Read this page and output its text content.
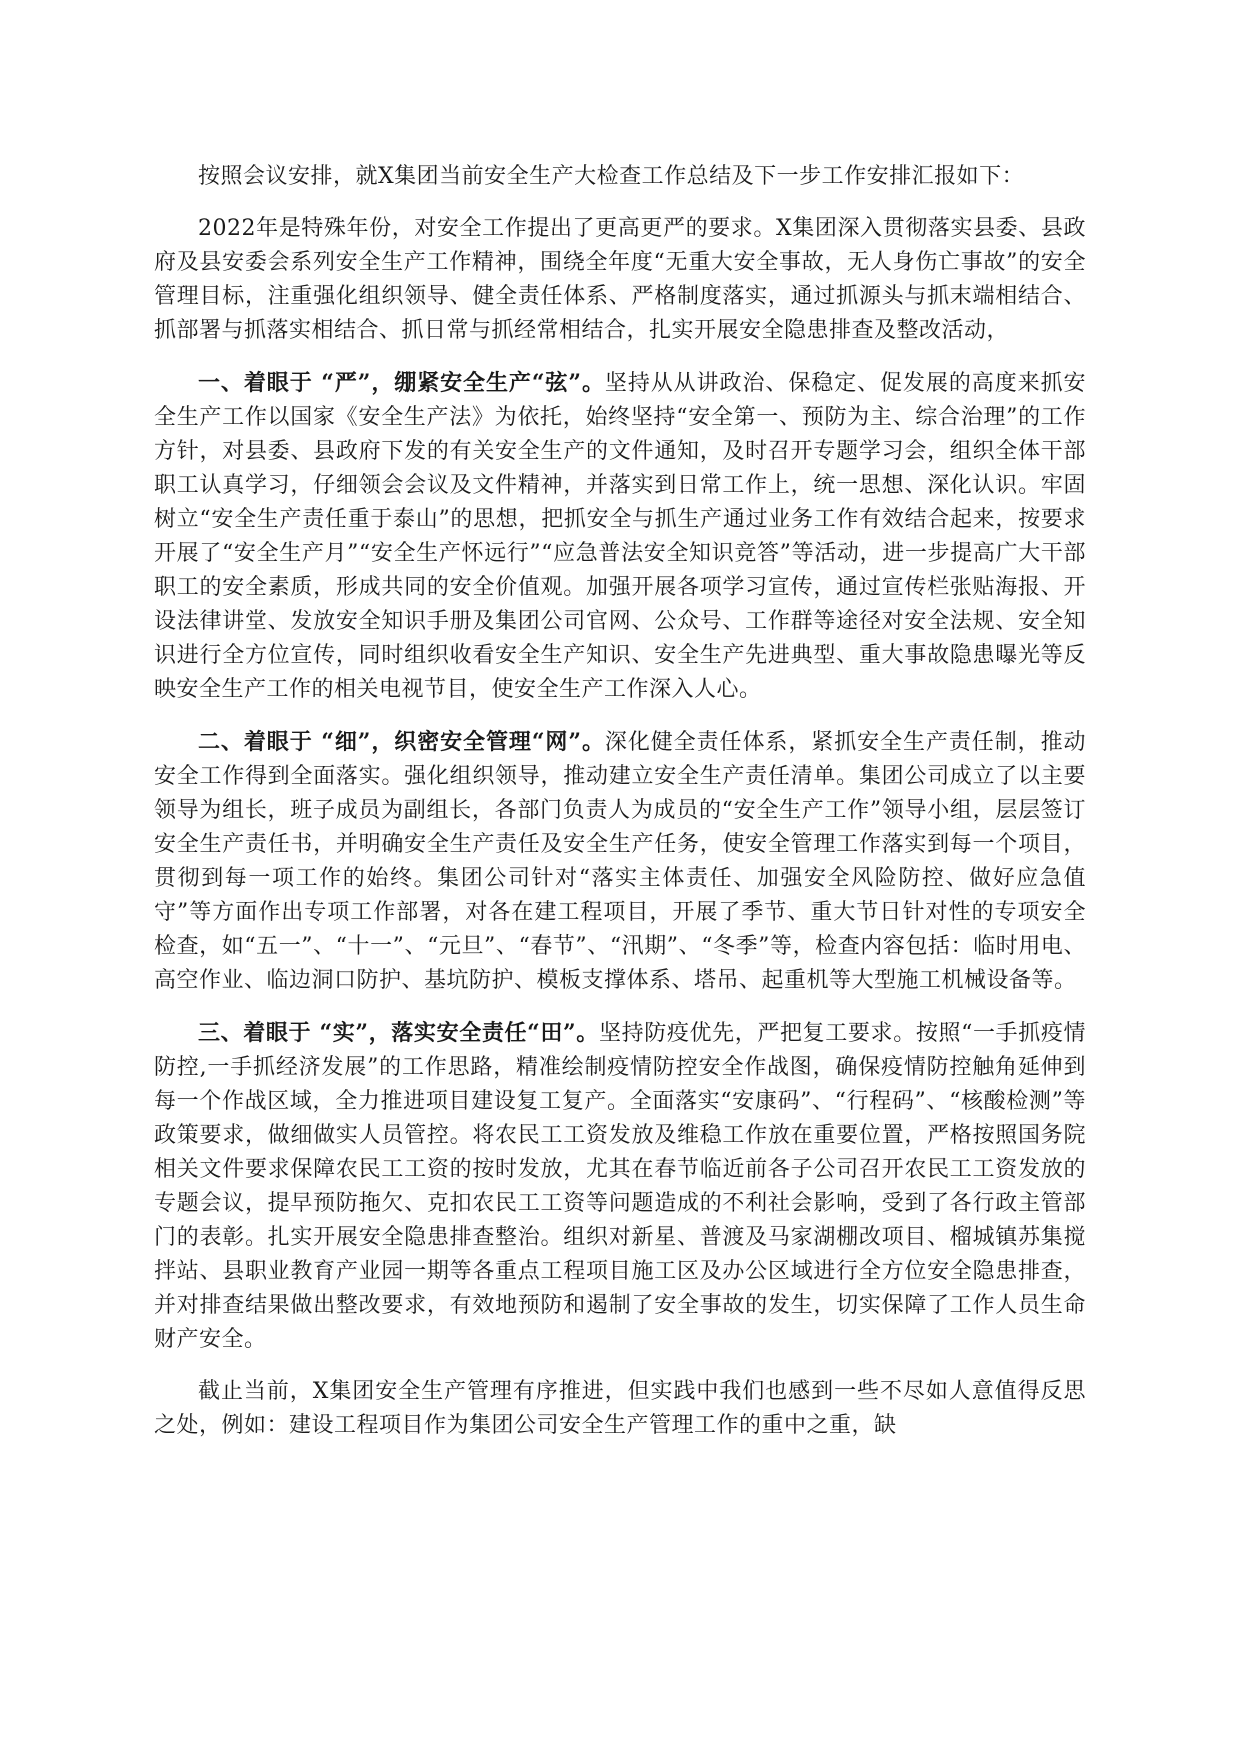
按照会议安排，就X集团当前安全生产大检查工作总结及下一步工作安排汇报如下：

2022年是特殊年份，对安全工作提出了更高更严的要求。X集团深入贯彻落实县委、县政府及县安委会系列安全生产工作精神，围绕全年度“无重大安全事故，无人身伤亡事故”的安全管理目标，注重强化组织领导、健全责任体系、严格制度落实，通过抓源头与抓末端相结合、抓部署与抓落实相结合、抓日常与抓经常相结合，扎实开展安全隐患排查及整改活动，

一、着眼于 “严”，绷紧安全生产“弦”。坚持从从讲政治、保稳定、促发展的高度来抓安全生产工作以国家《安全生产法》为依托，始终坚持“安全第一、预防为主、综合治理”的工作方针，对县委、县政府下发的有关安全生产的文件通知，及时召开专题学习会，组织全体干部职工认真学习，仔细领会会议及文件精神，并落实到日常工作上，统一思想、深化认识。牢固树立“安全生产责任重于泰山”的思想，把抓安全与抓生产通过业务工作有效结合起来，按要求开展了“安全生产月”“安全生产怀远行”“应急普法安全知识竞答”等活动，进一步提高广大干部职工的安全素质，形成共同的安全价值观。加强开展各项学习宣传，通过宣传栏张贴海报、开设法律讲堂、发放安全知识手册及集团公司官网、公众号、工作群等途径对安全法规、安全知识进行全方位宣传，同时组织收看安全生产知识、安全生产先进典型、重大事故隐患曝光等反映安全生产工作的相关电视节目，使安全生产工作深入人心。

二、着眼于 “细”，织密安全管理“网”。深化健全责任体系，紧抓安全生产责任制，推动安全工作得到全面落实。强化组织领导，推动建立安全生产责任清单。集团公司成立了以主要领导为组长，班子成员为副组长，各部门负责人为成员的“安全生产工作”领导小组，层层签订安全生产责任书，并明确安全生产责任及安全生产任务，使安全管理工作落实到每一个项目，贯彻到每一项工作的始终。集团公司针对“落实主体责任、加强安全风险防控、做好应急值守”等方面作出专项工作部署，对各在建工程项目，开展了季节、重大节日针对性的专项安全检查，如“五一”、“十一”、“元旦”、“春节”、“汛期”、“冬季”等，检查内容包括：临时用电、高空作业、临边洞口防护、基坑防护、模板支撑体系、塔吊、起重机等大型施工机械设备等。

三、着眼于 “实”，落实安全责任“田”。坚持防疫优先，严把复工要求。按照“一手抓疫情防控,一手抓经济发展”的工作思路，精准绘制疫情防控安全作战图，确保疫情防控触角延伸到每一个作战区域，全力推进项目建设复工复产。全面落实“安康码”、“行程码”、“核酸检测”等政策要求，做细做实人员管控。将农民工工资发放及维稳工作放在重要位置，严格按照国务院相关文件要求保障农民工工资的按时发放，尤其在春节临近前各子公司召开农民工工资发放的专题会议，提早预防拖欠、克扣农民工工资等问题造成的不利社会影响，受到了各行政主管部门的表彰。扎实开展安全隐患排查整治。组织对新星、普渡及马家湖棚改项目、榴城镇苏集搅拌站、县职业教育产业园一期等各重点工程项目施工区及办公区域进行全方位安全隐患排查，并对排查结果做出整改要求，有效地预防和遏制了安全事故的发生，切实保障了工作人员生命财产安全。

截止当前，X集团安全生产管理有序推进，但实践中我们也感到一些不尽如人意值得反思之处，例如：建设工程项目作为集团公司安全生产管理工作的重中之重，缺
